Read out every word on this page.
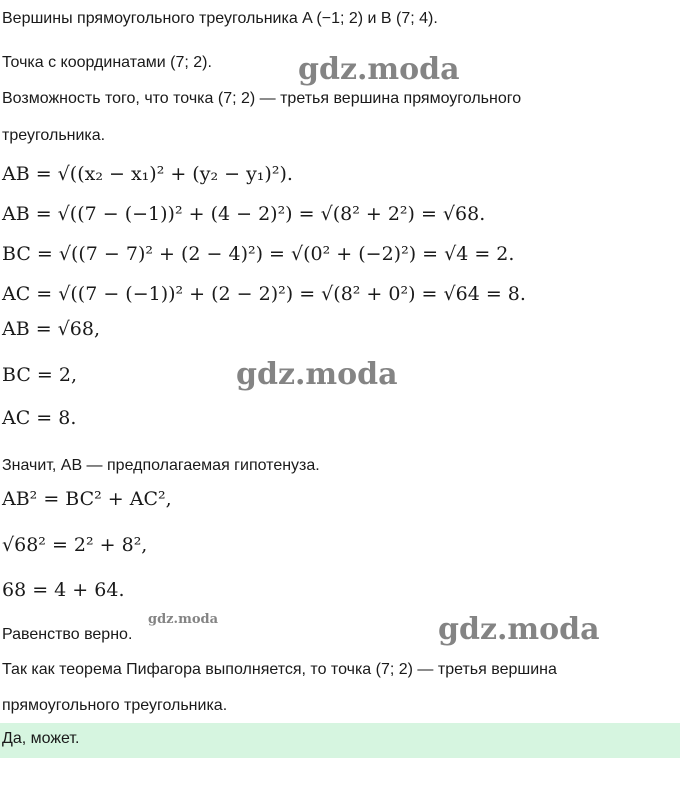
Вершины прямоугольного треугольника A (−1; 2) и B (7; 4).
Точка с координатами (7; 2).
Возможность того, что точка (7; 2) — третья вершина прямоугольного
треугольника.
AB = √((x₂ − x₁)² + (y₂ − y₁)²).
AB = √((7 − (−1))² + (4 − 2)²) = √(8² + 2²) = √68.
BC = √((7 − 7)² + (2 − 4)²) = √(0² + (−2)²) = √4 = 2.
AC = √((7 − (−1))² + (2 − 2)²) = √(8² + 0²) = √64 = 8.
AB = √68,
BC = 2,
AC = 8.
Значит, AB — предполагаемая гипотенуза.
AB² = BC² + AC²,
√68² = 2² + 8²,
68 = 4 + 64.
Равенство верно.
Так как теорема Пифагора выполняется, то точка (7; 2) — третья вершина
прямоугольного треугольника.
Да, может.
gdz.moda
gdz.moda
gdz.moda	gdz.moda
